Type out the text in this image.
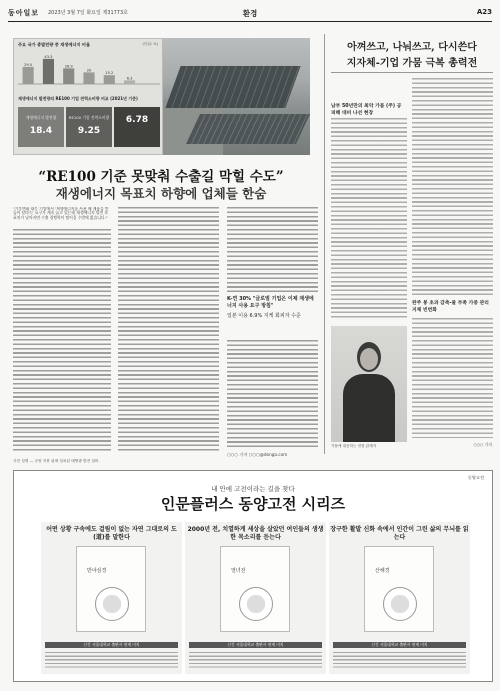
동아일보 2023년 3월 7일 화요일 제31773호	환경	A23
주요 국가 총발전량 중 재생에너지 비율	(단위: %)
29.5
43.3
26.9
20
15.2
6.3
재생에너지 발전량의 RE100 기업 전력소비량 비교 (2021년 기준)
재생에너지 발전량
18.4
RE100 기업 전력소비량
9.25
6.78
“RE100 기준 못맞춰 수출길 막힐 수도”
재생에너지 목표치 하향에 업체들 한숨
"기후변화 대응 기업에서 '재생에너지를 사용 해 제품을 만들어 달라'는 요구가 계속 늘고 있는데 재생에너지 발전 목표치가 낮아지면 수출 경쟁력이 떨어질 수밖에 없습니다."
K-연 30% "글로벌 기업은 이제 재생에너지 사용 요구 방침"
일본 이용 6.9% 지케 회피자 수준
○○○ 기자 ○○○@donga.com
아껴쓰고, 나눠쓰고, 다시쓴다
지자체-기업 가뭄 극복 총력전
남부 50년만의 최악 가뭄 (주) 공 피해 대비 나선 현장
완주 봉 초과 감축-물 부족 가중 관리 지체 빈번화
가뭄에 대응하는 현장 관계자	○○○ 기자
사진 설명 — 공장 지붕 위에 설치된 태양광 발전 설비.
동양고전
내 안에 고전이라는 길을 찾다
인문플러스 동양고전 시리즈
어떤 상황 구속에도 걸림이 없는 자연 그대로의 도(道)를 말한다
반야심경
신간 서울대학교 출판사 현재 비치
2000년 전, 치열하게 세상을 살았던 여인들의 생생한 목소리를 듣는다
열녀전
신간 서울대학교 출판사 현재 비치
장구한 활발 신화 속에서 인간이 그린 삶의 무늬를 읽는다
산해경
신간 서울대학교 출판사 현재 비치
